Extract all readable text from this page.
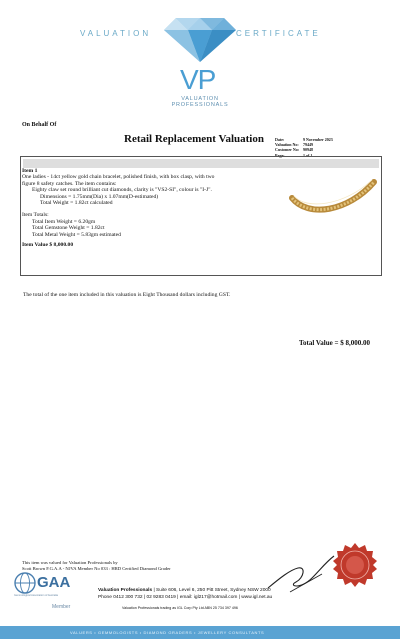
VALUATION	CERTIFICATE
VP
VALUATION
PROFESSIONALS
On Behalf Of
Date:	9 November 2023
Valuation No:	79449
Customer No: 90948
Page:	1 of 1
Retail Replacement Valuation
Item 1
One ladies - 14ct yellow gold chain bracelet, polished finish, with box clasp, with two
figure 8 safety catches. The item contains:
Eighty claw set round brilliant cut diamonds, clarity is "VS2-SI", colour is "I-J".
Dimensions = 1.75mm(Dia) x 1.07mm(D-estimated)
Total Weight = 1.82ct calculated
Item Totals:
Total Item Weight = 6.20gm
Total Gemstone Weight = 1.82ct
Total Metal Weight = 5.83gm estimated
Item Value $ 8,000.00
The total of the one item included in this valuation is Eight Thousand dollars including GST.
Total Value = $ 8,000.00
This item was valued for Valuation Professionals by
Scott Brown F.G.A.A - NJVA Member No 033 : HRD Certified Diamond Grader
GAA
Gemmological Association of Australia
Member
Valuation Professionals | Suite 606, Level 6, 250 Pitt Street, Sydney NSW 2000
Phone 0412 300 732 | 02 9283 0419 | email: igl217@hotmail.com | www.igl.net.au
Valuation Professionals trading as IGL Corp Pty Ltd ABN 25 734 397 496
VALUERS • GEMMOLOGISTS • DIAMOND GRADERS • JEWELLERY CONSULTANTS
